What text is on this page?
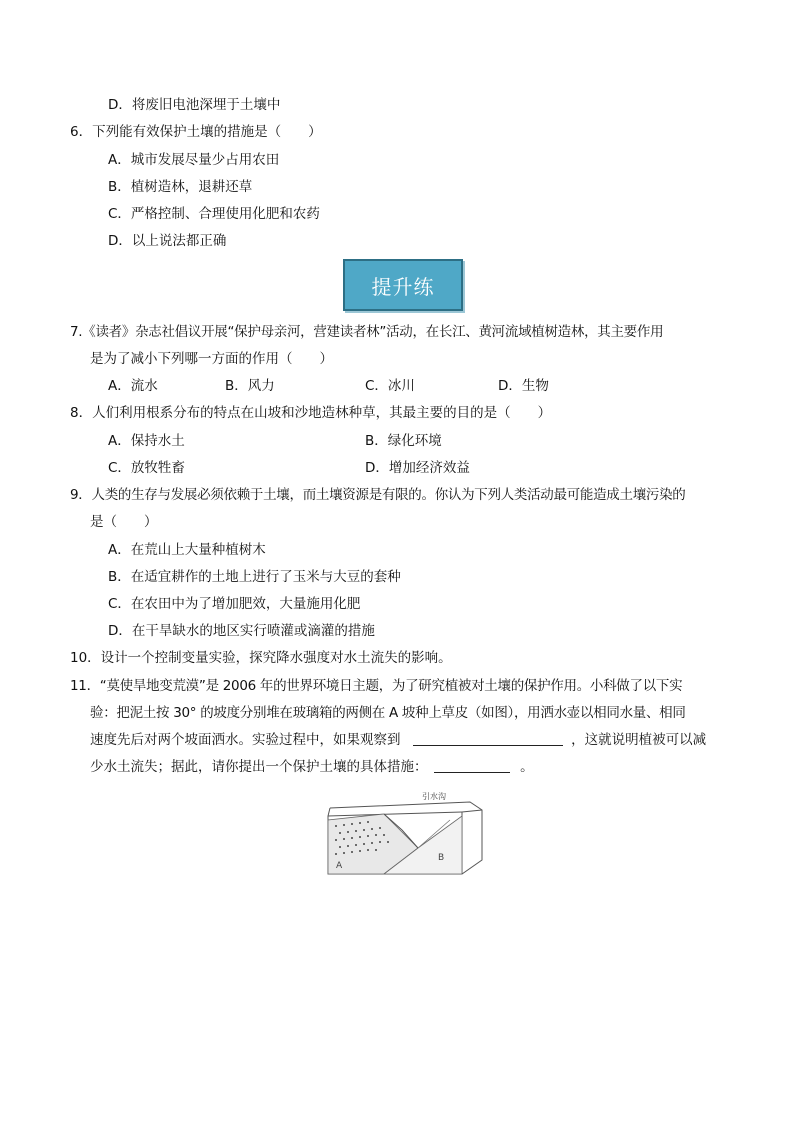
D．将废旧电池深埋于土壤中
6．下列能有效保护土壤的措施是（　　）
A．城市发展尽量少占用农田
B．植树造林，退耕还草
C．严格控制、合理使用化肥和农药
D．以上说法都正确
提升练
7.《读者》杂志社倡议开展“保护母亲河，营建读者林”活动，在长江、黄河流域植树造林，其主要作用
是为了减小下列哪一方面的作用（　　）
A．流水	B．风力	C．冰川	D．生物
8．人们利用根系分布的特点在山坡和沙地造林种草，其最主要的目的是（　　）
A．保持水土	B．绿化环境
C．放牧牲畜	D．增加经济效益
9．人类的生存与发展必须依赖于土壤，而土壤资源是有限的。你认为下列人类活动最可能造成土壤污染的
是（　　）
A．在荒山上大量种植树木
B．在适宜耕作的土地上进行了玉米与大豆的套种
C．在农田中为了增加肥效，大量施用化肥
D．在干旱缺水的地区实行喷灌或滴灌的措施
10．设计一个控制变量实验，探究降水强度对水土流失的影响。
11．“莫使旱地变荒漠”是 2006 年的世界环境日主题，为了研究植被对土壤的保护作用。小科做了以下实
验：把泥土按 30° 的坡度分别堆在玻璃箱的两侧在 A 坡种上草皮（如图），用洒水壶以相同水量、相同
速度先后对两个坡面洒水。实验过程中，如果观察到	，这就说明植被可以减
少水土流失；据此，请你提出一个保护土壤的具体措施：	。
引水沟
A
B
